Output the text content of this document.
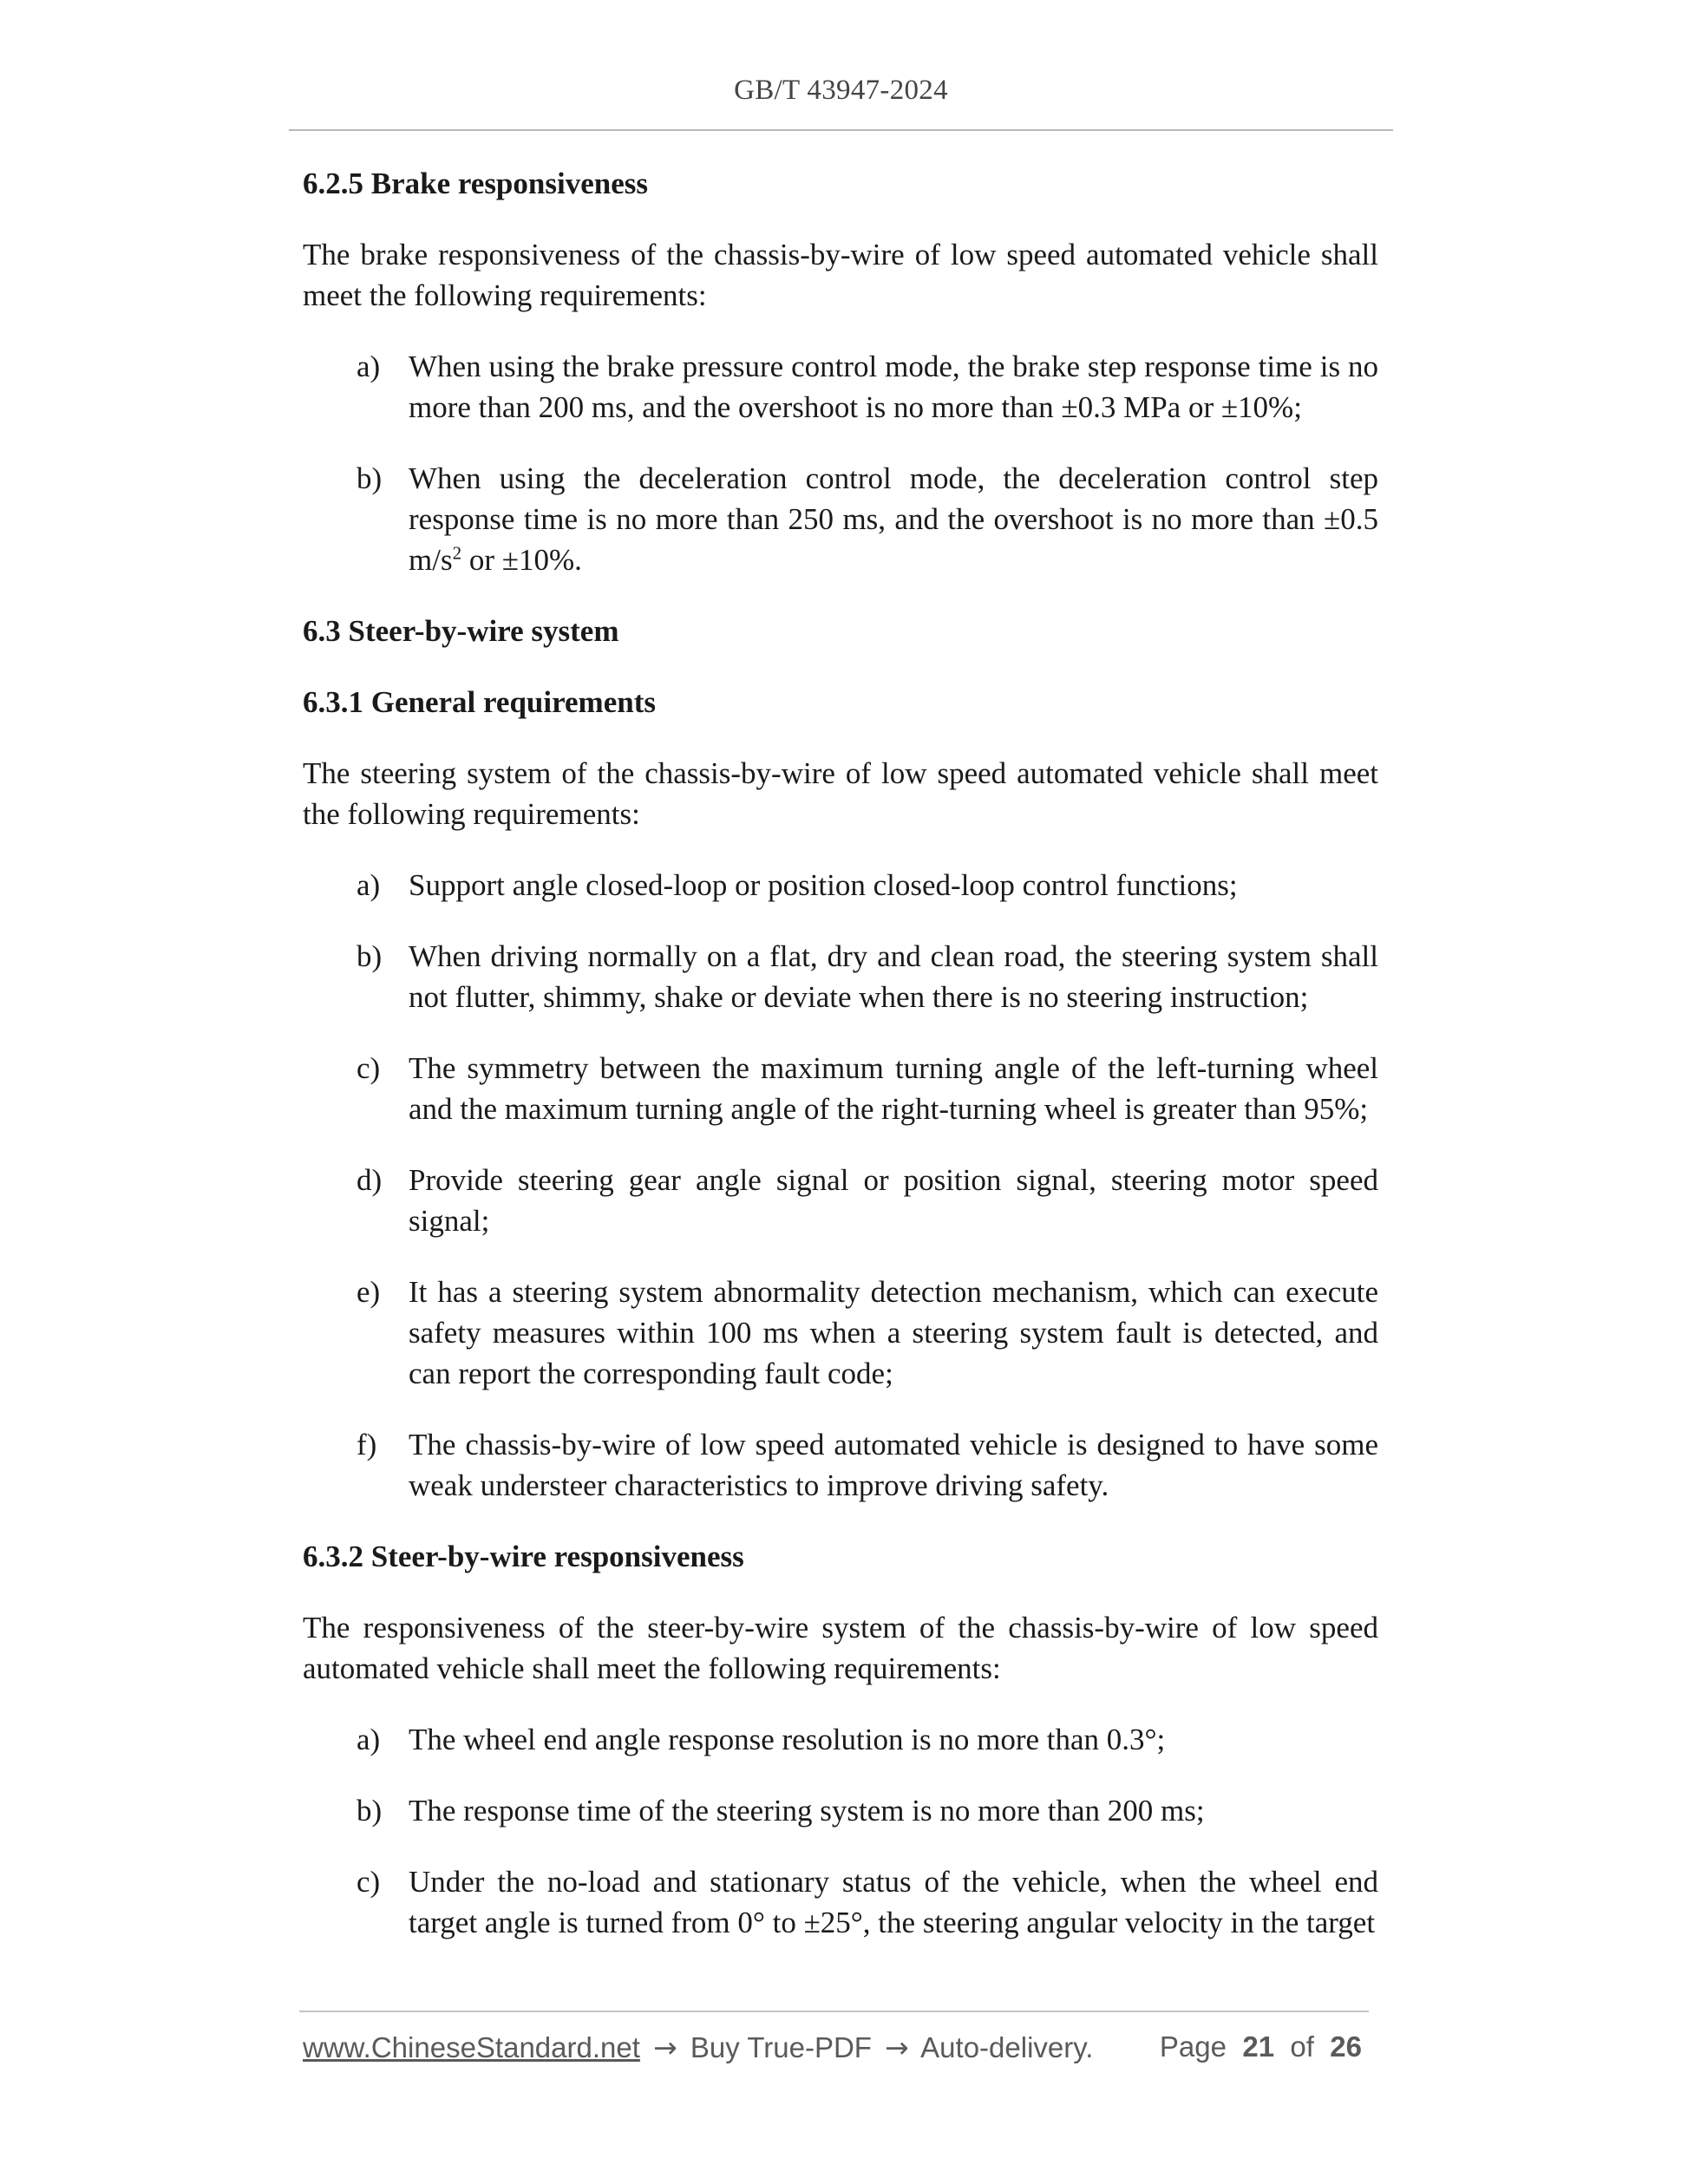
GB/T 43947-2024
6.2.5 Brake responsiveness
The brake responsiveness of the chassis-by-wire of low speed automated vehicle shall meet the following requirements:
a) When using the brake pressure control mode, the brake step response time is no more than 200 ms, and the overshoot is no more than ±0.3 MPa or ±10%;
b) When using the deceleration control mode, the deceleration control step response time is no more than 250 ms, and the overshoot is no more than ±0.5 $m/s^2$ or ±10%.
6.3 Steer-by-wire system
6.3.1 General requirements
The steering system of the chassis-by-wire of low speed automated vehicle shall meet the following requirements:
a) Support angle closed-loop or position closed-loop control functions;
b) When driving normally on a flat, dry and clean road, the steering system shall not flutter, shimmy, shake or deviate when there is no steering instruction;
c) The symmetry between the maximum turning angle of the left-turning wheel and the maximum turning angle of the right-turning wheel is greater than 95%;
d) Provide steering gear angle signal or position signal, steering motor speed signal;
e) It has a steering system abnormality detection mechanism, which can execute safety measures within 100 ms when a steering system fault is detected, and can report the corresponding fault code;
f)	The chassis-by-wire of low speed automated vehicle is designed to have some weak understeer characteristics to improve driving safety.
6.3.2 Steer-by-wire responsiveness
The responsiveness of the steer-by-wire system of the chassis-by-wire of low speed automated vehicle shall meet the following requirements:
a) The wheel end angle response resolution is no more than 0.3°;
b) The response time of the steering system is no more than 200 ms;
c) Under the no-load and stationary status of the vehicle, when the wheel end target angle is turned from 0° to ±25°, the steering angular velocity in the target
www.ChineseStandard.net → Buy True-PDF → Auto-delivery. Page 21 of 26
